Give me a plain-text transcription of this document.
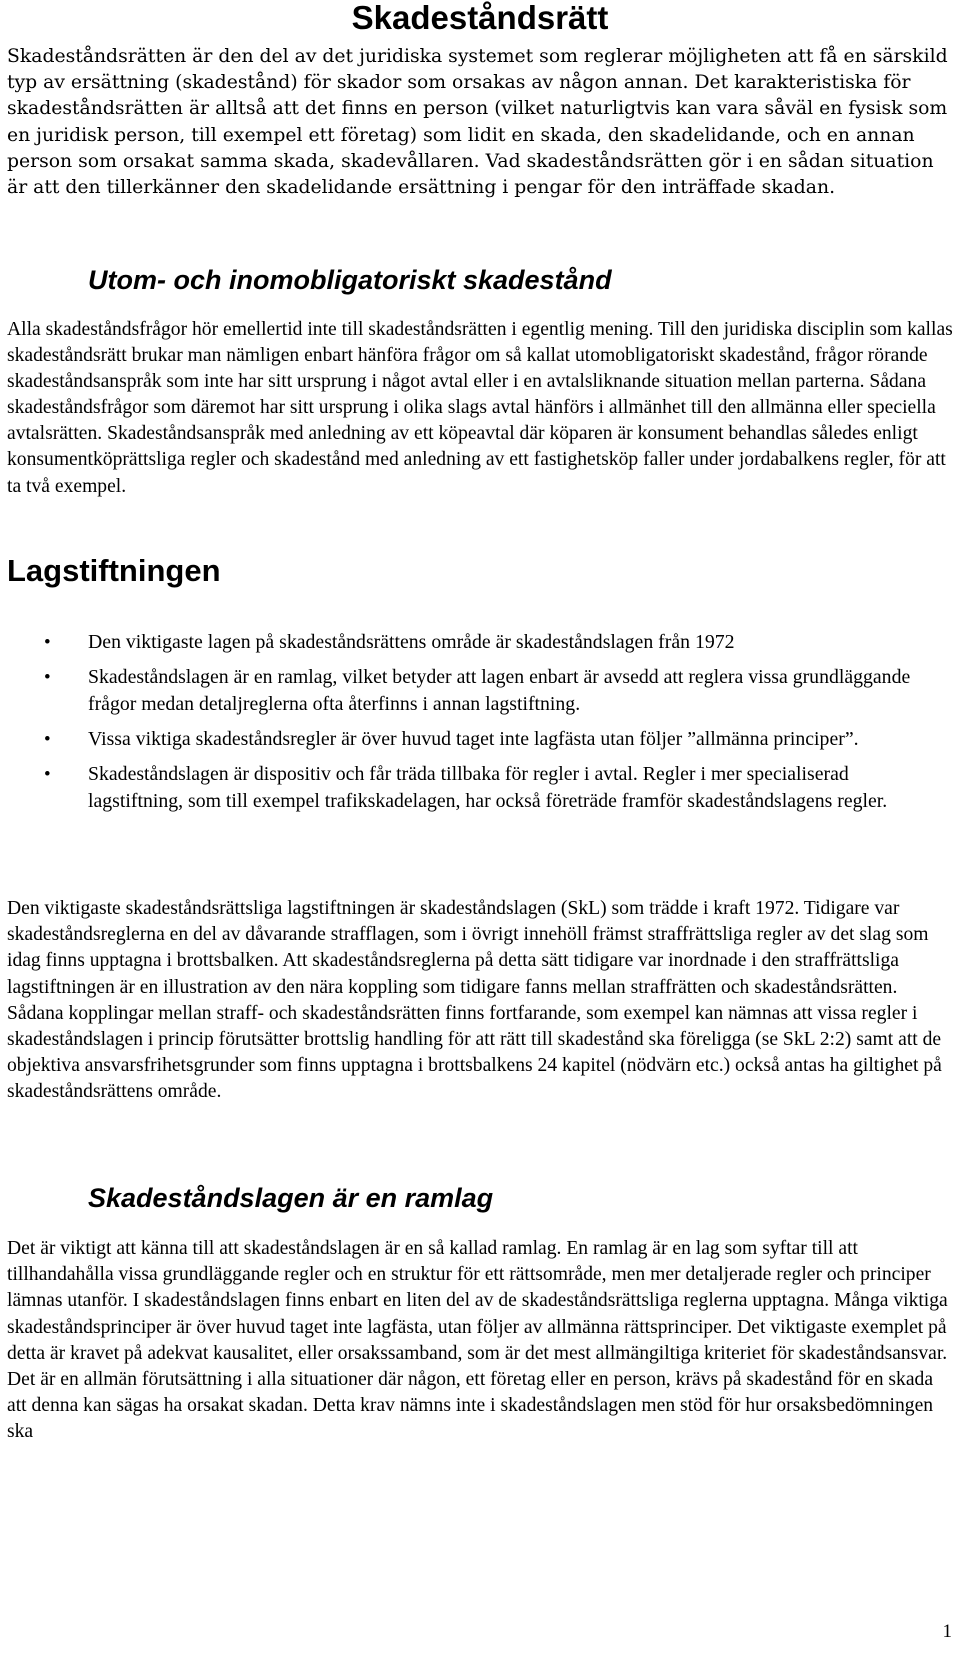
Skadeståndsrätt

Skadeståndsrätten är den del av det juridiska systemet som reglerar möjligheten att få en särskild typ av ersättning (skadestånd) för skador som orsakas av någon annan. Det karakteristiska för skadeståndsrätten är alltså att det finns en person (vilket naturligtvis kan vara såväl en fysisk som en juridisk person, till exempel ett företag) som lidit en skada, den skadelidande, och en annan person som orsakat samma skada, skadevållaren. Vad skadeståndsrätten gör i en sådan situation är att den tillerkänner den skadelidande ersättning i pengar för den inträffade skadan.

Utom- och inomobligatoriskt skadestånd

Alla skadeståndsfrågor hör emellertid inte till skadeståndsrätten i egentlig mening. Till den juridiska disciplin som kallas skadeståndsrätt brukar man nämligen enbart hänföra frågor om så kallat utomobligatoriskt skadestånd, frågor rörande skadeståndsanspråk som inte har sitt ursprung i något avtal eller i en avtalsliknande situation mellan parterna. Sådana skadeståndsfrågor som däremot har sitt ursprung i olika slags avtal hänförs i allmänhet till den allmänna eller speciella avtalsrätten. Skadeståndsanspråk med anledning av ett köpeavtal där köparen är konsument behandlas således enligt konsumentköprättsliga regler och skadestånd med anledning av ett fastighetsköp faller under jordabalkens regler, för att ta två exempel.

Lagstiftningen
• Den viktigaste lagen på skadeståndsrättens område är skadeståndslagen från 1972
• Skadeståndslagen är en ramlag, vilket betyder att lagen enbart är avsedd att reglera vissa grundläggande frågor medan detaljreglerna ofta återfinns i annan lagstiftning.
• Vissa viktiga skadeståndsregler är över huvud taget inte lagfästa utan följer ”allmänna principer”.
• Skadeståndslagen är dispositiv och får träda tillbaka för regler i avtal. Regler i mer specialiserad lagstiftning, som till exempel trafikskadelagen, har också företräde framför skadeståndslagens regler.

Den viktigaste skadeståndsrättsliga lagstiftningen är skadeståndslagen (SkL) som trädde i kraft 1972. Tidigare var skadeståndsreglerna en del av dåvarande strafflagen, som i övrigt innehöll främst straffrättsliga regler av det slag som idag finns upptagna i brottsbalken. Att skadeståndsreglerna på detta sätt tidigare var inordnade i den straffrättsliga lagstiftningen är en illustration av den nära koppling som tidigare fanns mellan straffrätten och skadeståndsrätten. Sådana kopplingar mellan straff- och skadeståndsrätten finns fortfarande, som exempel kan nämnas att vissa regler i skadeståndslagen i princip förutsätter brottslig handling för att rätt till skadestånd ska föreligga (se SkL 2:2) samt att de objektiva ansvarsfrihetsgrunder som finns upptagna i brottsbalkens 24 kapitel (nödvärn etc.) också antas ha giltighet på skadeståndsrättens område.

Skadeståndslagen är en ramlag

Det är viktigt att känna till att skadeståndslagen är en så kallad ramlag. En ramlag är en lag som syftar till att tillhandahålla vissa grundläggande regler och en struktur för ett rättsområde, men mer detaljerade regler och principer lämnas utanför. I skadeståndslagen finns enbart en liten del av de skadeståndsrättsliga reglerna upptagna. Många viktiga skadeståndsprinciper är över huvud taget inte lagfästa, utan följer av allmänna rättsprinciper. Det viktigaste exemplet på detta är kravet på adekvat kausalitet, eller orsakssamband, som är det mest allmängiltiga kriteriet för skadeståndsansvar. Det är en allmän förutsättning i alla situationer där någon, ett företag eller en person, krävs på skadestånd för en skada att denna kan sägas ha orsakat skadan. Detta krav nämns inte i skadeståndslagen men stöd för hur orsaksbedömningen ska

1
